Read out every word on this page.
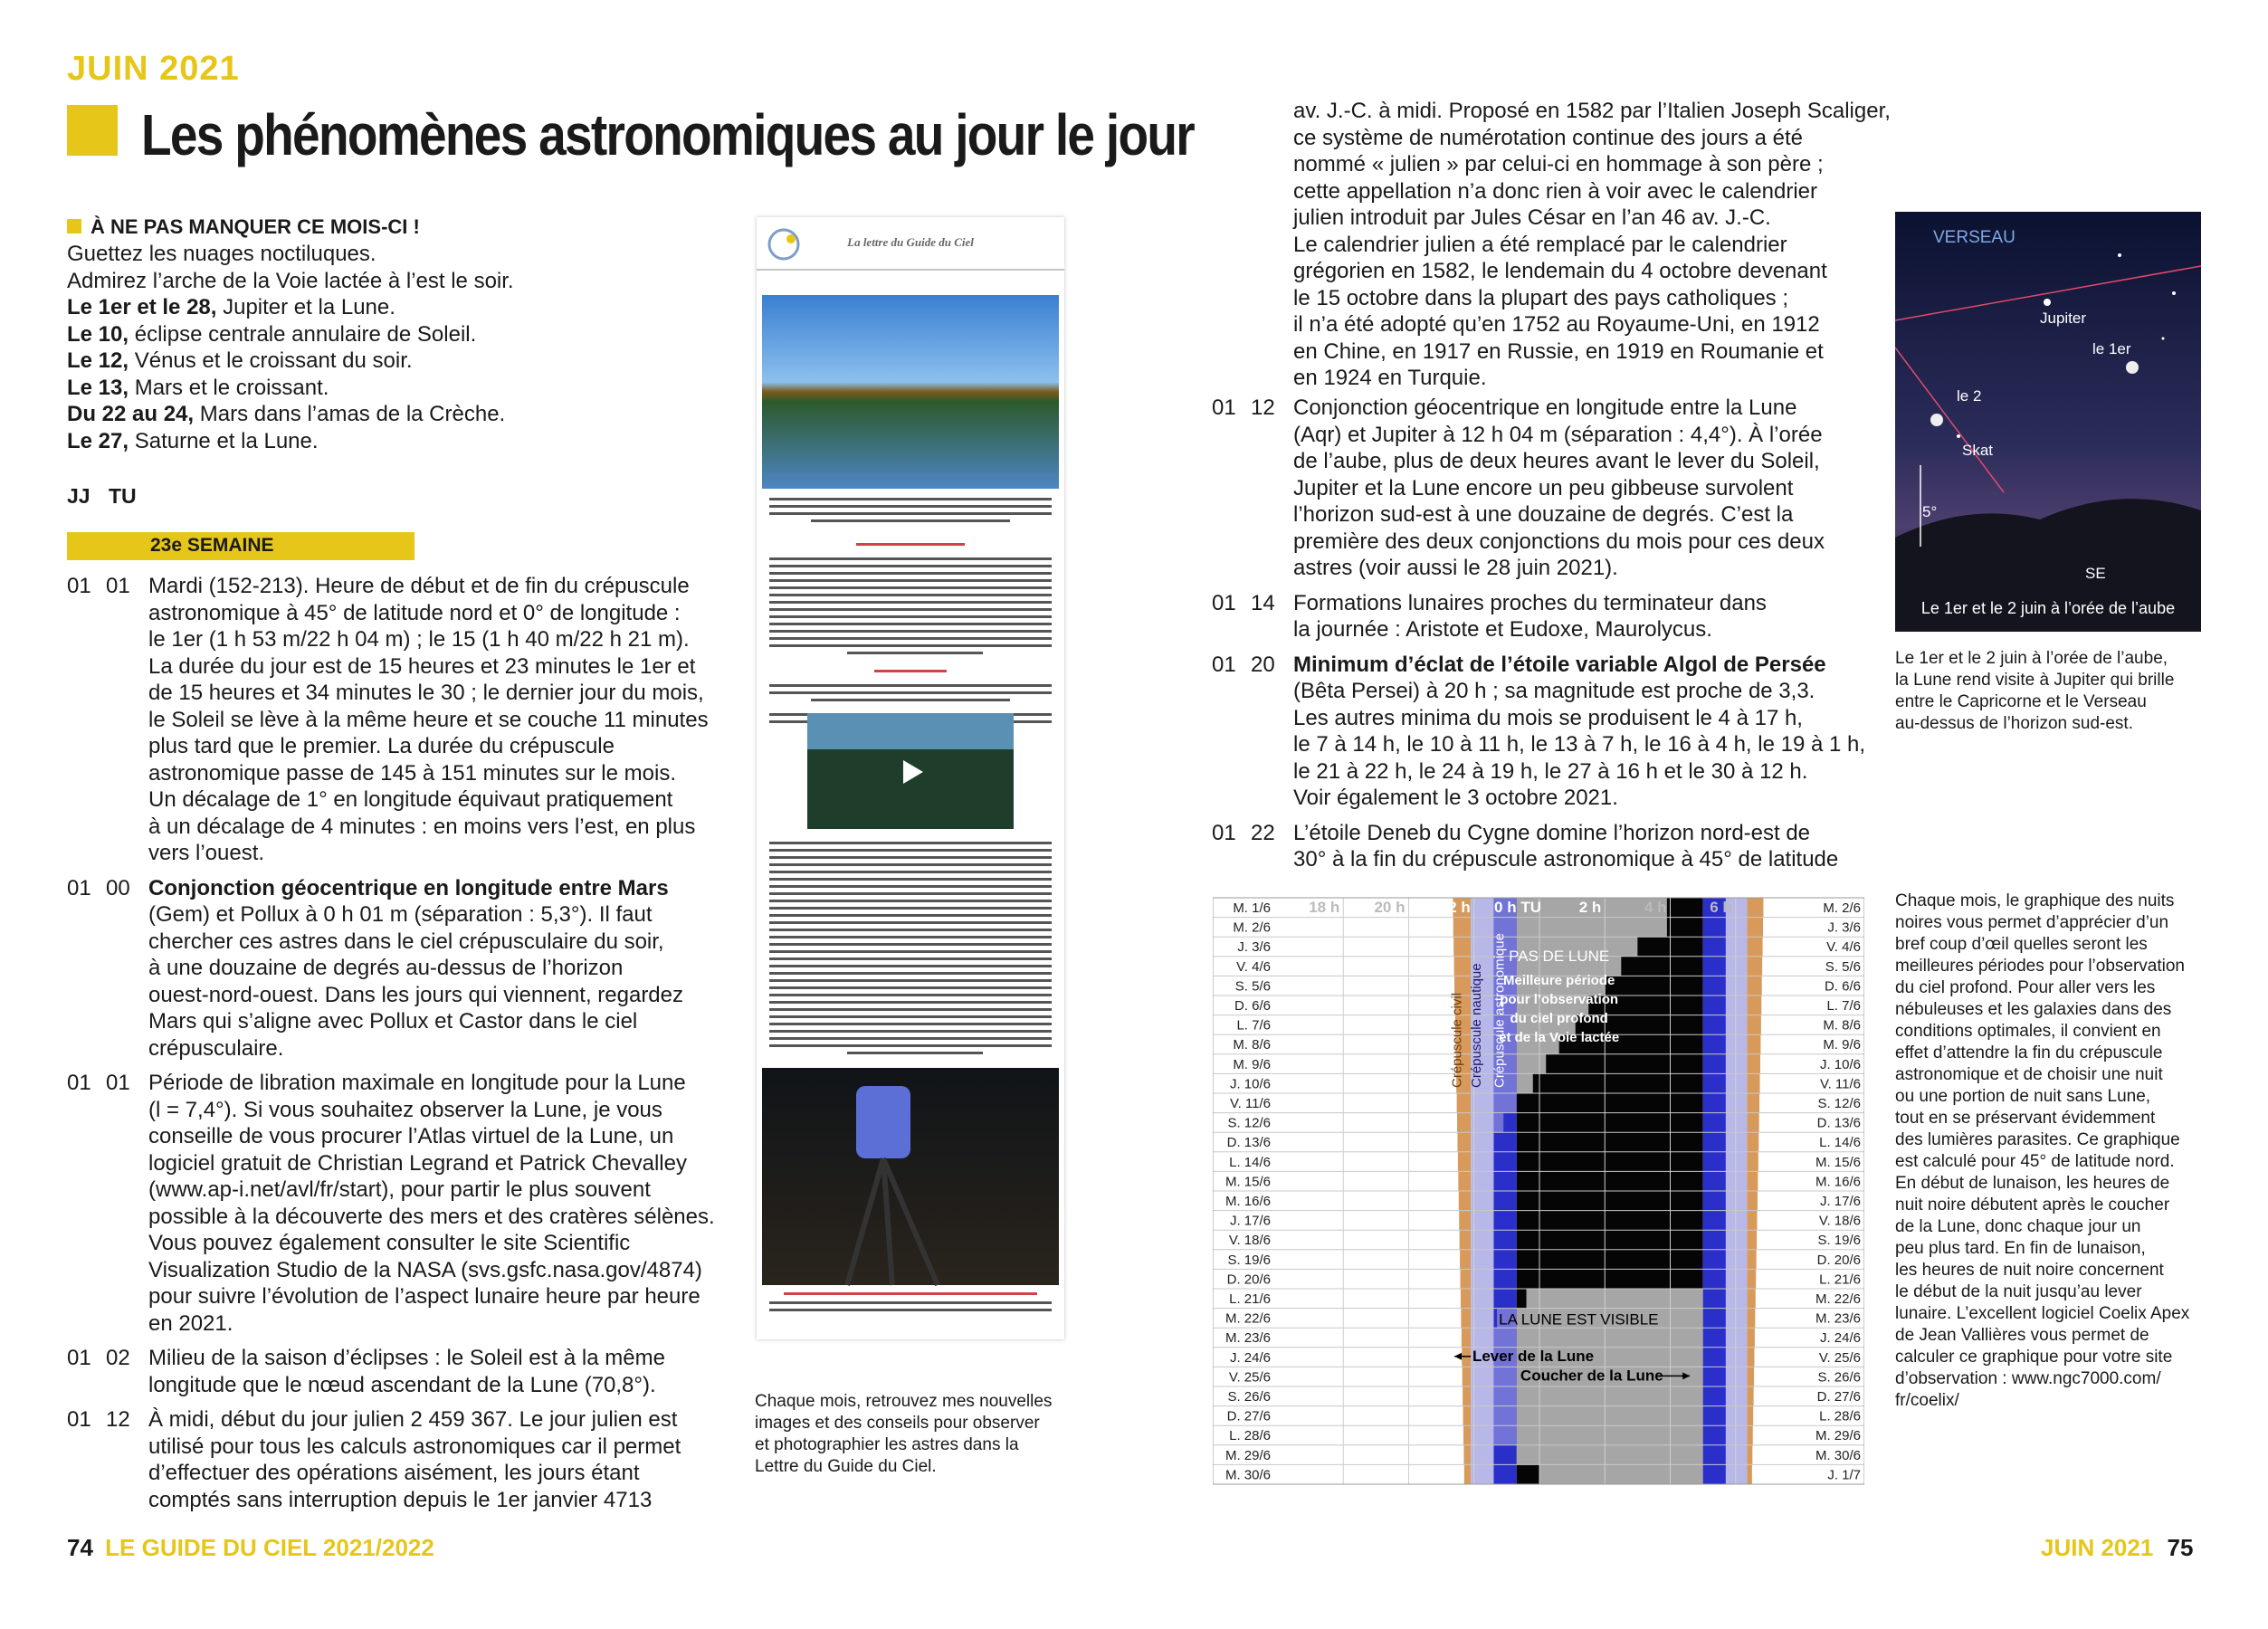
JUIN 2021
Les phénomènes astronomiques au jour le jour
À NE PAS MANQUER CE MOIS-CI !
Guettez les nuages noctiluques.
Admirez l’arche de la Voie lactée à l’est le soir.
Le 1er et le 28, Jupiter et la Lune.
Le 10, éclipse centrale annulaire de Soleil.
Le 12, Vénus et le croissant du soir.
Le 13, Mars et le croissant.
Du 22 au 24, Mars dans l’amas de la Crèche.
Le 27, Saturne et la Lune.
JJ TU
23e SEMAINE
01 01 Mardi (152-213). Heure de début et de fin du crépuscule
astronomique à 45° de latitude nord et 0° de longitude :
le 1er (1 h 53 m/22 h 04 m) ; le 15 (1 h 40 m/22 h 21 m).
La durée du jour est de 15 heures et 23 minutes le 1er et
de 15 heures et 34 minutes le 30 ; le dernier jour du mois,
le Soleil se lève à la même heure et se couche 11 minutes
plus tard que le premier. La durée du crépuscule
astronomique passe de 145 à 151 minutes sur le mois.
Un décalage de 1° en longitude équivaut pratiquement
à un décalage de 4 minutes : en moins vers l’est, en plus
vers l’ouest.
01 00 Conjonction géocentrique en longitude entre Mars
(Gem) et Pollux à 0 h 01 m (séparation : 5,3°). Il faut
chercher ces astres dans le ciel crépusculaire du soir,
à une douzaine de degrés au-dessus de l’horizon
ouest-nord-ouest. Dans les jours qui viennent, regardez
Mars qui s’aligne avec Pollux et Castor dans le ciel
crépusculaire.
01 01 Période de libration maximale en longitude pour la Lune
(l = 7,4°). Si vous souhaitez observer la Lune, je vous
conseille de vous procurer l’Atlas virtuel de la Lune, un
logiciel gratuit de Christian Legrand et Patrick Chevalley
(www.ap-i.net/avl/fr/start), pour partir le plus souvent
possible à la découverte des mers et des cratères sélènes.
Vous pouvez également consulter le site Scientific
Visualization Studio de la NASA (svs.gsfc.nasa.gov/4874)
pour suivre l’évolution de l’aspect lunaire heure par heure
en 2021.
01 02 Milieu de la saison d’éclipses : le Soleil est à la même
longitude que le nœud ascendant de la Lune (70,8°).
01 12 À midi, début du jour julien 2 459 367. Le jour julien est
utilisé pour tous les calculs astronomiques car il permet
d’effectuer des opérations aisément, les jours étant
comptés sans interruption depuis le 1er janvier 4713
La lettre du Guide du Ciel
Chaque mois, retrouvez mes nouvelles
images et des conseils pour observer
et photographier les astres dans la
Lettre du Guide du Ciel.
av. J.-C. à midi. Proposé en 1582 par l’Italien Joseph Scaliger,
ce système de numérotation continue des jours a été
nommé « julien » par celui-ci en hommage à son père ;
cette appellation n’a donc rien à voir avec le calendrier
julien introduit par Jules César en l’an 46 av. J.-C.
Le calendrier julien a été remplacé par le calendrier
grégorien en 1582, le lendemain du 4 octobre devenant
le 15 octobre dans la plupart des pays catholiques ;
il n’a été adopté qu’en 1752 au Royaume-Uni, en 1912
en Chine, en 1917 en Russie, en 1919 en Roumanie et
en 1924 en Turquie.
01 12 Conjonction géocentrique en longitude entre la Lune
(Aqr) et Jupiter à 12 h 04 m (séparation : 4,4°). À l’orée
de l’aube, plus de deux heures avant le lever du Soleil,
Jupiter et la Lune encore un peu gibbeuse survolent
l’horizon sud-est à une douzaine de degrés. C’est la
première des deux conjonctions du mois pour ces deux
astres (voir aussi le 28 juin 2021).
01 14 Formations lunaires proches du terminateur dans
la journée : Aristote et Eudoxe, Maurolycus.
01 20 Minimum d’éclat de l’étoile variable Algol de Persée
(Bêta Persei) à 20 h ; sa magnitude est proche de 3,3.
Les autres minima du mois se produisent le 4 à 17 h,
le 7 à 14 h, le 10 à 11 h, le 13 à 7 h, le 16 à 4 h, le 19 à 1 h,
le 21 à 22 h, le 24 à 19 h, le 27 à 16 h et le 30 à 12 h.
Voir également le 3 octobre 2021.
01 22 L’étoile Deneb du Cygne domine l’horizon nord-est de
30° à la fin du crépuscule astronomique à 45° de latitude
VERSEAU
Jupiter
le 1er
le 2
Skat
5°
SE
Le 1er et le 2 juin à l’orée de l’aube
Le 1er et le 2 juin à l’orée de l’aube,
la Lune rend visite à Jupiter qui brille
entre le Capricorne et le Verseau
au-dessus de l’horizon sud-est.
M. 1/6
M. 2/6
J. 3/6
V. 4/6
S. 5/6
D. 6/6
L. 7/6
M. 8/6
M. 9/6
J. 10/6
V. 11/6
S. 12/6
D. 13/6
L. 14/6
M. 15/6
M. 16/6
J. 17/6
V. 18/6
S. 19/6
D. 20/6
L. 21/6
M. 22/6
M. 23/6
J. 24/6
V. 25/6
S. 26/6
D. 27/6
L. 28/6
M. 29/6
M. 30/6
M. 2/6
J. 3/6
V. 4/6
S. 5/6
D. 6/6
L. 7/6
M. 8/6
M. 9/6
J. 10/6
V. 11/6
S. 12/6
D. 13/6
L. 14/6
M. 15/6
M. 16/6
J. 17/6
V. 18/6
S. 19/6
D. 20/6
L. 21/6
M. 22/6
M. 23/6
J. 24/6
V. 25/6
S. 26/6
D. 27/6
L. 28/6
M. 29/6
M. 30/6
J. 1/7
18 h 20 h 22 h 0 h TU 2 h	4 h	6 h
Crépuscule civil Crépuscule nautique Crépuscule astronomique PAS DE LUNE
Meilleure période
pour l’observation
du ciel profond
et de la Voie lactée
LA LUNE EST VISIBLE
Lever de la Lune
Coucher de la Lune
Chaque mois, le graphique des nuits
noires vous permet d’apprécier d’un
bref coup d’œil quelles seront les
meilleures périodes pour l’observation
du ciel profond. Pour aller vers les
nébuleuses et les galaxies dans des
conditions optimales, il convient en
effet d’attendre la fin du crépuscule
astronomique et de choisir une nuit
ou une portion de nuit sans Lune,
tout en se préservant évidemment
des lumières parasites. Ce graphique
est calculé pour 45° de latitude nord.
En début de lunaison, les heures de
nuit noire débutent après le coucher
de la Lune, donc chaque jour un
peu plus tard. En fin de lunaison,
les heures de nuit noire concernent
le début de la nuit jusqu’au lever
lunaire. L’excellent logiciel Coelix Apex
de Jean Vallières vous permet de
calculer ce graphique pour votre site
d’observation : www.ngc7000.com/
fr/coelix/
74 LE GUIDE DU CIEL 2021/2022	JUIN 2021 75
